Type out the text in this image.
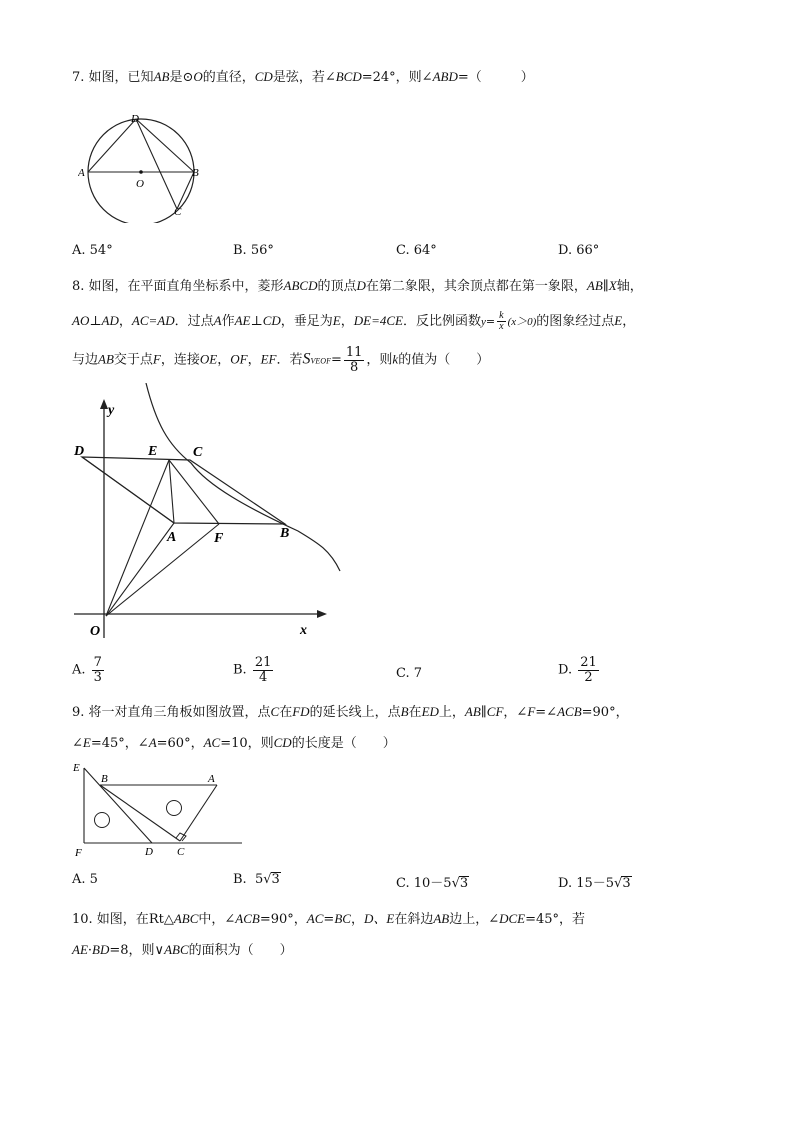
7. 如图，已知AB是⊙O的直径，CD是弦，若∠BCD=24°，则∠ABD=（　　　）
D
A
O
B
C
A. 54°	B. 56°	C. 64°	D. 66°
8. 如图，在平面直角坐标系中，菱形ABCD的顶点D在第二象限，其余顶点都在第一象限，AB∥X轴，
AO⊥AD，AC=AD．过点A作AE⊥CD，垂足为E，DE=4CE．反比例函数$y= \frac{k}{x} (x>0)$的图象经过点E，
与边AB交于点F，连接OE，OF，EF．若SVEOF= $\frac{11}{8}$ ，则k的值为（　　）
y
x
O
D	E	C
A	F	B
A. $\frac{7}{3}$	B. $\frac{21}{4}$	C. 7	D. $\frac{21}{2}$
9. 将一对直角三角板如图放置，点C在FD的延长线上，点B在ED上，AB∥CF，∠F=∠ACB=90°，
∠E=45°，∠A=60°，AC=10，则CD的长度是（　　）
E
B	A
F	D C
A. 5	B. 5√3	C. 10－5√3	D. 15－5√3
10. 如图，在Rt△ABC中，∠ACB=90°，AC=BC，D、E在斜边AB边上，∠DCE=45°，若
AE·BD=8，则∨ABC的面积为（　　）
